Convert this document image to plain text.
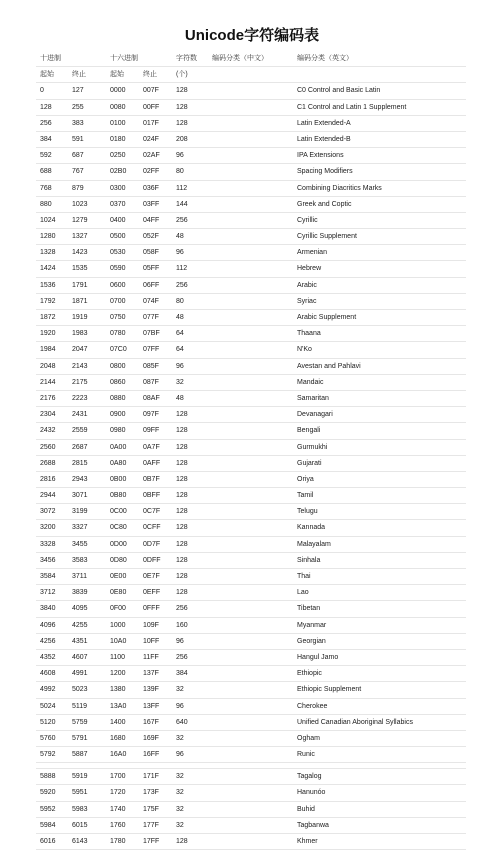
Unicode字符编码表
十进制	十六进制	字符数 编码分类（中文）	编码分类（英文）
起始	终止	起始	终止	(个)
0	127	0000 007F 128	C0 Control and Basic Latin
128	255	0080 00FF 128	C1 Control and Latin 1 Supplement
256	383	0100 017F 128	Latin Extended-A
384	591	0180 024F 208	Latin Extended-B
592	687	0250 02AF 96	IPA Extensions
688	767	02B0 02FF 80	Spacing Modifiers
768	879	0300 036F 112	Combining Diacritics Marks
880	1023	0370 03FF 144	Greek and Coptic
1024 1279	0400 04FF 256	Cyrillic
1280 1327	0500 052F 48	Cyrillic Supplement
1328 1423	0530 058F 96	Armenian
1424 1535	0590 05FF 112	Hebrew
1536 1791	0600 06FF 256	Arabic
1792 1871	0700 074F 80	Syriac
1872 1919	0750 077F 48	Arabic Supplement
1920 1983	0780 07BF 64	Thaana
1984 2047	07C0 07FF 64	N'Ko
2048 2143	0800 085F 96	Avestan and Pahlavi
2144 2175	0860 087F 32	Mandaic
2176 2223	0880 08AF 48	Samaritan
2304 2431	0900 097F 128	Devanagari
2432 2559	0980 09FF 128	Bengali
2560 2687	0A00 0A7F 128	Gurmukhi
2688 2815	0A80 0AFF 128	Gujarati
2816 2943	0B00 0B7F 128	Oriya
2944 3071	0B80 0BFF 128	Tamil
3072 3199	0C00 0C7F 128	Telugu
3200 3327	0C80 0CFF 128	Kannada
3328 3455	0D00 0D7F 128	Malayalam
3456 3583	0D80 0DFF 128	Sinhala
3584 3711	0E00 0E7F 128	Thai
3712 3839	0E80 0EFF 128	Lao
3840 4095	0F00 0FFF 256	Tibetan
4096 4255	1000 109F 160	Myanmar
4256 4351	10A0 10FF 96	Georgian
4352 4607	1100	11FF 256	Hangul Jamo
4608 4991	1200 137F 384	Ethiopic
4992 5023	1380 139F 32	Ethiopic Supplement
5024 5119	13A0 13FF 96	Cherokee
5120 5759	1400 167F 640	Unified Canadian Aboriginal Syllabics
5760 5791	1680 169F 32	Ogham
5792 5887	16A0 16FF 96	Runic
5888 5919	1700 171F 32	Tagalog
5920 5951	1720 173F 32	Hanunóo
5952 5983	1740 175F 32	Buhid
5984 6015	1760 177F 32	Tagbanwa
6016 6143	1780 17FF 128	Khmer
